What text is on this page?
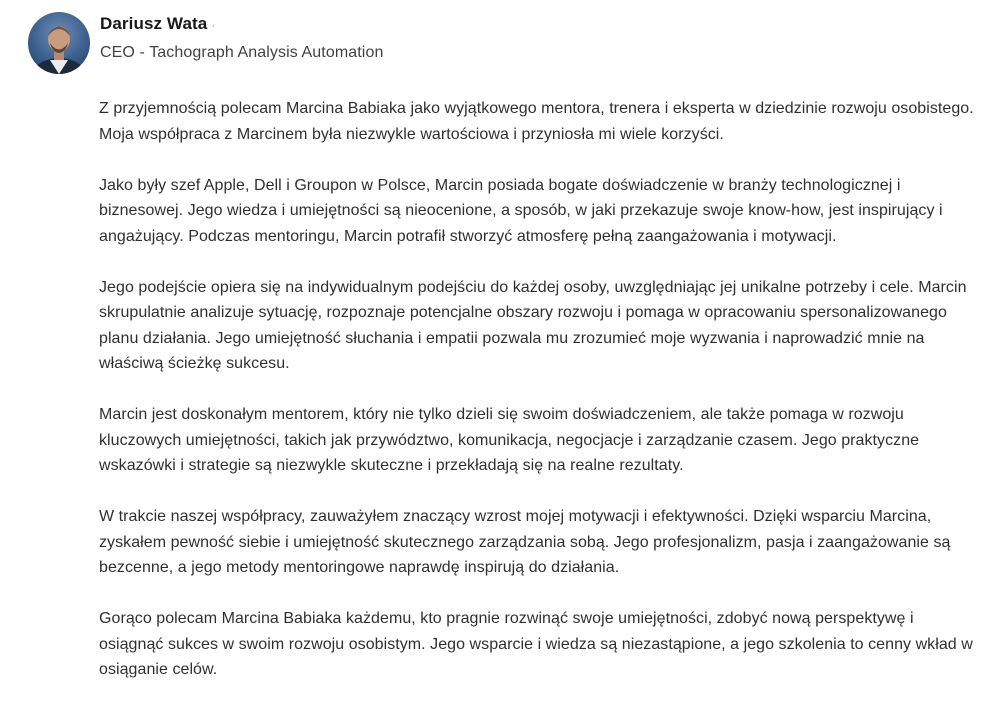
Dariusz Wata ·
CEO - Tachograph Analysis Automation

Z przyjemnością polecam Marcina Babiaka jako wyjątkowego mentora, trenera i eksperta w dziedzinie rozwoju osobistego. Moja współpraca z Marcinem była niezwykle wartościowa i przyniosła mi wiele korzyści.

Jako były szef Apple, Dell i Groupon w Polsce, Marcin posiada bogate doświadczenie w branży technologicznej i biznesowej. Jego wiedza i umiejętności są nieocenione, a sposób, w jaki przekazuje swoje know-how, jest inspirujący i angażujący. Podczas mentoringu, Marcin potrafił stworzyć atmosferę pełną zaangażowania i motywacji.

Jego podejście opiera się na indywidualnym podejściu do każdej osoby, uwzględniając jej unikalne potrzeby i cele. Marcin skrupulatnie analizuje sytuację, rozpoznaje potencjalne obszary rozwoju i pomaga w opracowaniu spersonalizowanego planu działania. Jego umiejętność słuchania i empatii pozwala mu zrozumieć moje wyzwania i naprowadzić mnie na właściwą ścieżkę sukcesu.

Marcin jest doskonałym mentorem, który nie tylko dzieli się swoim doświadczeniem, ale także pomaga w rozwoju kluczowych umiejętności, takich jak przywództwo, komunikacja, negocjacje i zarządzanie czasem. Jego praktyczne wskazówki i strategie są niezwykle skuteczne i przekładają się na realne rezultaty.

W trakcie naszej współpracy, zauważyłem znaczący wzrost mojej motywacji i efektywności. Dzięki wsparciu Marcina, zyskałem pewność siebie i umiejętność skutecznego zarządzania sobą. Jego profesjonalizm, pasja i zaangażowanie są bezcenne, a jego metody mentoringowe naprawdę inspirują do działania.

Gorąco polecam Marcina Babiaka każdemu, kto pragnie rozwinąć swoje umiejętności, zdobyć nową perspektywę i osiągnąć sukces w swoim rozwoju osobistym. Jego wsparcie i wiedza są niezastąpione, a jego szkolenia to cenny wkład w osiąganie celów.
